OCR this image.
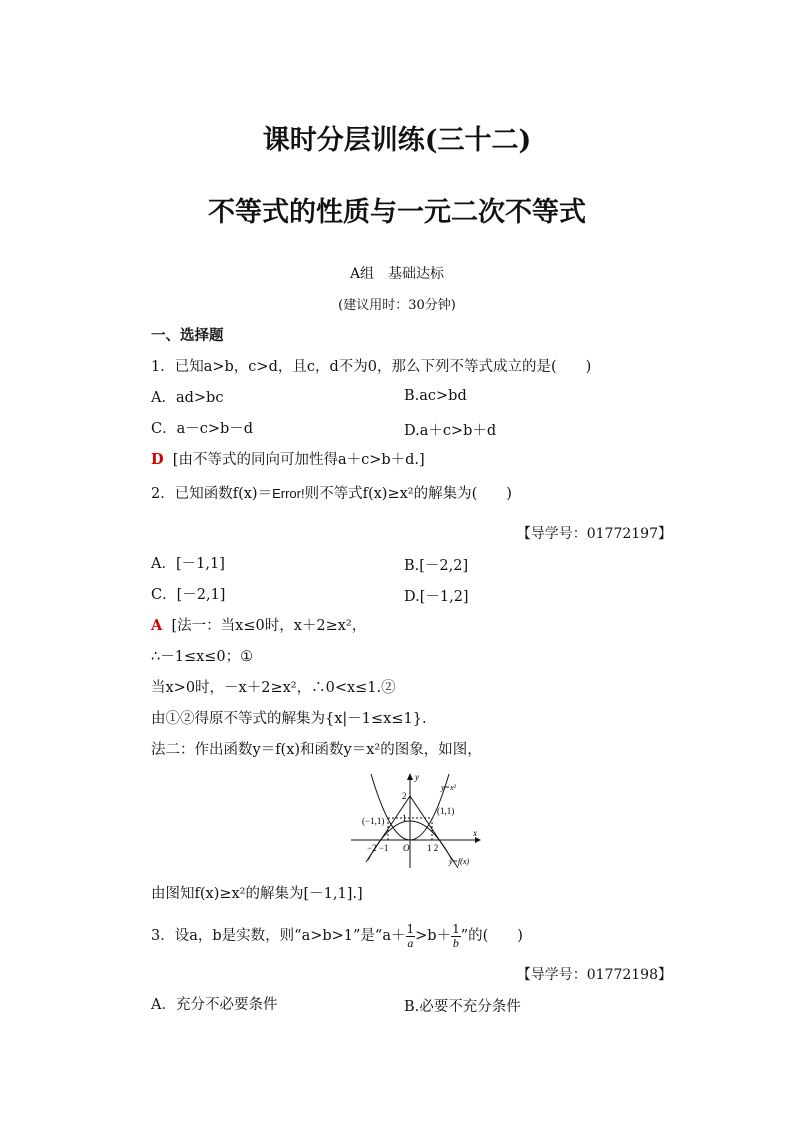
课时分层训练(三十二)
不等式的性质与一元二次不等式
A组　基础达标
(建议用时：30分钟)
一、选择题
1．已知a>b，c>d，且c，d不为0，那么下列不等式成立的是(　　)
A．ad>bc	B.ac>bd
C．a－c>b－d	D.a＋c>b＋d
D [由不等式的同向可加性得a＋c>b＋d.]
2．已知函数f(x)＝Error!则不等式f(x)≥x²的解集为(　　)
【导学号：01772197】
A．[－1,1]	B.[－2,2]
C．[－2,1]	D.[－1,2]
A [法一：当x≤0时，x＋2≥x²，
∴－1≤x≤0；①
当x>0时，－x＋2≥x²，∴0<x≤1.②
由①②得原不等式的解集为{x|－1≤x≤1}.
法二：作出函数y＝f(x)和函数y＝x²的图象，如图，
y
x
y=x²
y=f(x)
(−1,1)
(1,1)
2
1
O
−2 −1	1 2
由图知f(x)≥x²的解集为[－1,1].]
3．设a，b是实数，则“a>b>1”是“$a+ \frac{1}{a} >b+ \frac{1}{b}$ ”的(　　)
【导学号：01772198】
A．充分不必要条件	B.必要不充分条件
